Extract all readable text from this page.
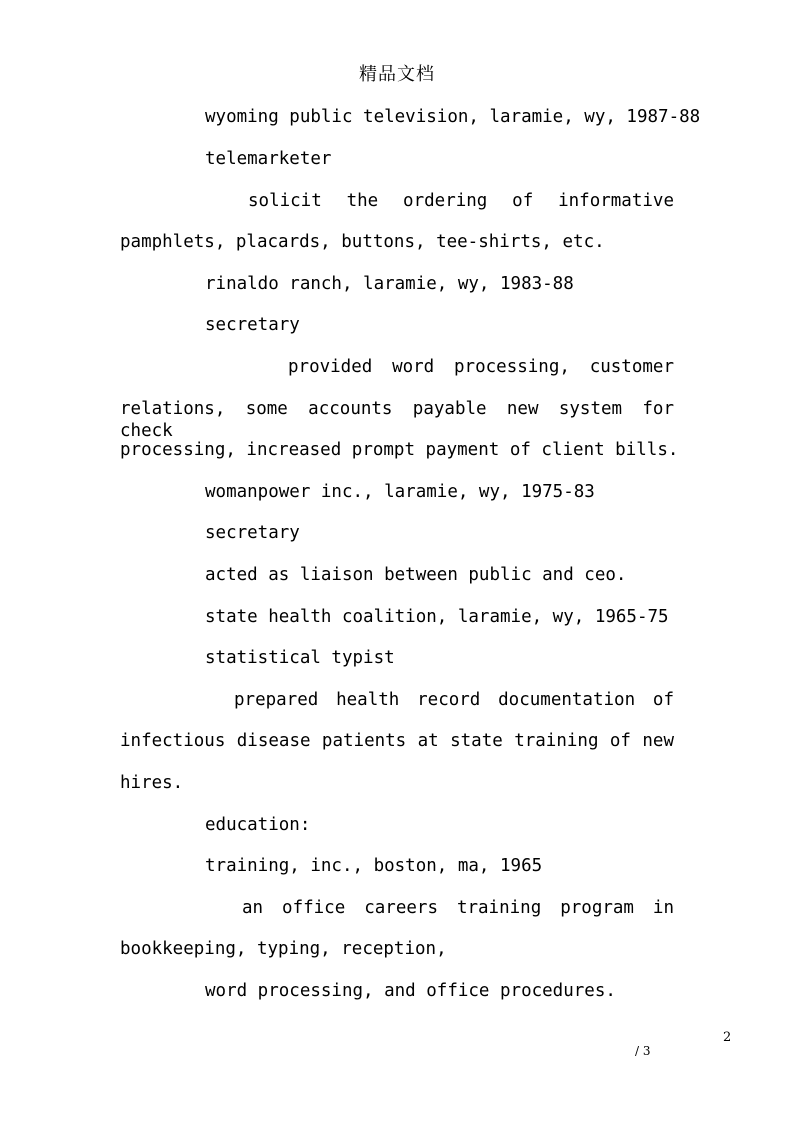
精品文档
wyoming public television, laramie, wy, 1987-88
telemarketer
solicit the ordering of informative
pamphlets, placards, buttons, tee-shirts, etc.
rinaldo ranch, laramie, wy, 1983-88
secretary
provided word processing, customer
relations, some accounts payable new system for check
processing, increased prompt payment of client bills.
womanpower inc., laramie, wy, 1975-83
secretary
acted as liaison between public and ceo.
state health coalition, laramie, wy, 1965-75
statistical typist
prepared health record documentation of
infectious disease patients at state training of new
hires.
education:
training, inc., boston, ma, 1965
an office careers training program in
bookkeeping, typing, reception,
word processing, and office procedures.
2
/ 3
